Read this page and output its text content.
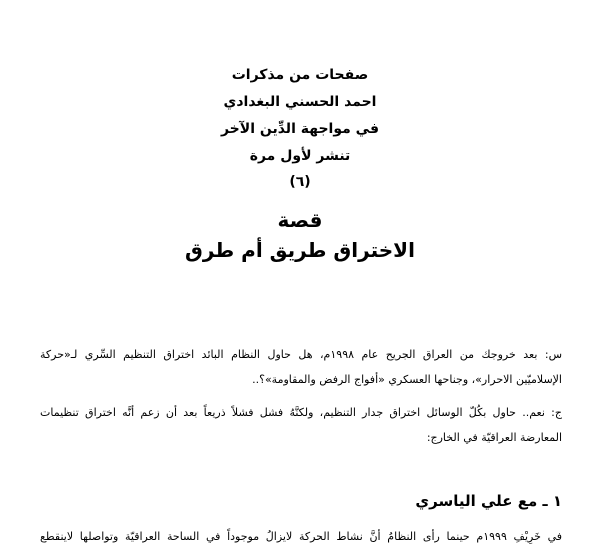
صفحات من مذكرات
احمد الحسني البغدادي
في مواجهة الدِّين الآخر
تنشر لأول مرة
(٦)
قصة
الاختراق طريق أم طرق
س: بعد خروجك من العراق الجريح عام ١٩٩٨م، هل حاول النظام البائد اختراق التنظيم السِّري لـ«حركة
الإسلاميّين الاحرار»، وجناحها العسكري «أفواج الرفض والمقاومة»؟..
ج: نعم.. حاول بكُلّ الوسائل اختراق جدار التنظيم، ولكنَّهُ فشل فشلاً ذريعاً بعد أن زعم أنَّه اختراق تنظيمات
المعارضة العراقيّة في الخارج:
١ ـ مع علي الياسري
في خَرِيْفِ ١٩٩٩م حينما رأى النظامُ أنَّ نشاط الحركة لايزالُ موجوداً في الساحة العراقيّة وتواصلها لاينقطع
